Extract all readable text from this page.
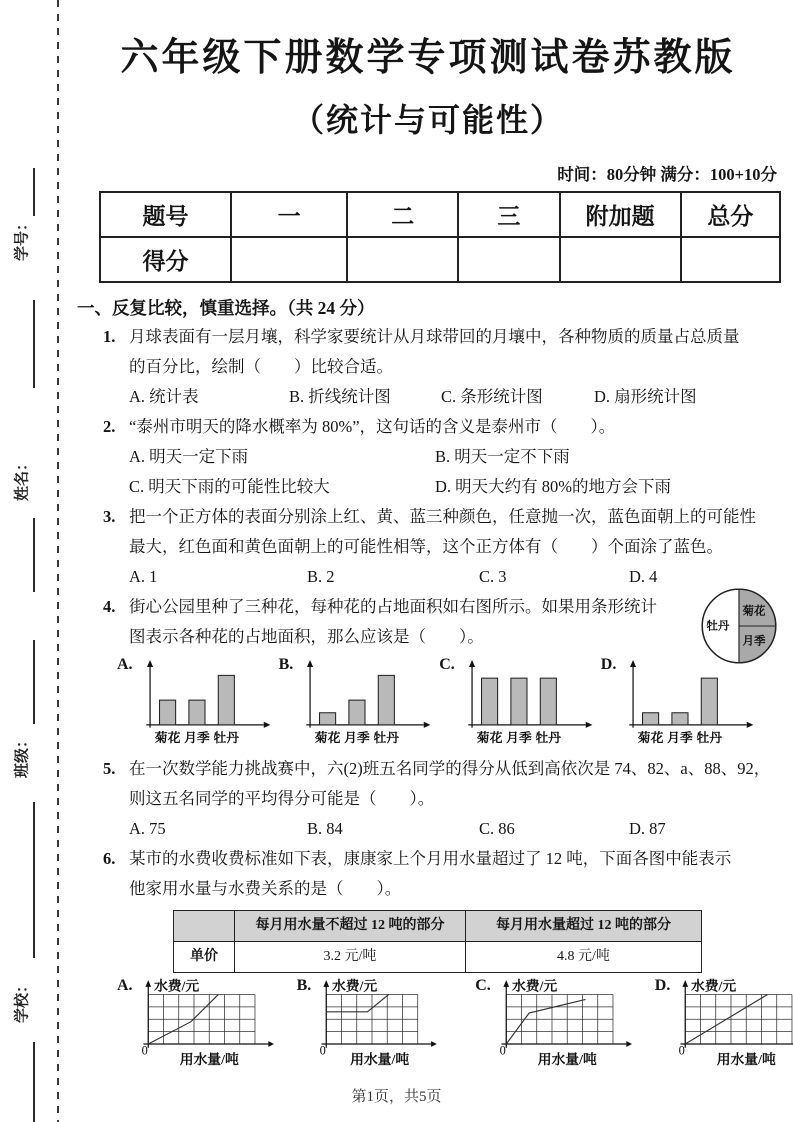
学号：
姓名：
班级：
学校：
六年级下册数学专项测试卷苏教版
（统计与可能性）
时间：80分钟 满分：100+10分
题号	一	二	三	附加题	总分
得分					
一、反复比较，慎重选择。（共 24 分）
1. 月球表面有一层月壤，科学家要统计从月球带回的月壤中，各种物质的质量占总质量
的百分比，绘制（　　）比较合适。
A. 统计表	B. 折线统计图	C. 条形统计图	D. 扇形统计图
2. “泰州市明天的降水概率为 80%”，这句话的含义是泰州市（　　）。
A. 明天一定下雨	B. 明天一定不下雨
C. 明天下雨的可能性比较大	D. 明天大约有 80%的地方会下雨
3. 把一个正方体的表面分别涂上红、黄、蓝三种颜色，任意抛一次，蓝色面朝上的可能性
最大，红色面和黄色面朝上的可能性相等，这个正方体有（　　）个面涂了蓝色。
A. 1	B. 2	C. 3	D. 4
4. 街心公园里种了三种花，每种花的占地面积如右图所示。如果用条形统计
图表示各种花的占地面积，那么应该是（　　）。
牡丹
菊花
月季
A.
菊花 月季 牡丹
B.
菊花 月季 牡丹
C.
菊花 月季 牡丹
D.
菊花 月季 牡丹
5. 在一次数学能力挑战赛中，六(2)班五名同学的得分从低到高依次是 74、82、a、88、92，
则这五名同学的平均得分可能是（　　）。
A. 75	B. 84	C. 86	D. 87
6. 某市的水费收费标准如下表，康康家上个月用水量超过了 12 吨，下面各图中能表示
他家用水量与水费关系的是（　　）。
	每月用水量不超过 12 吨的部分	每月用水量超过 12 吨的部分
单价	3.2 元/吨	4.8 元/吨
A. 水费/元
用水量/吨
0
B. 水费/元
用水量/吨
0
C. 水费/元
用水量/吨
0
D. 水费/元
用水量/吨
0
第1页，共5页
